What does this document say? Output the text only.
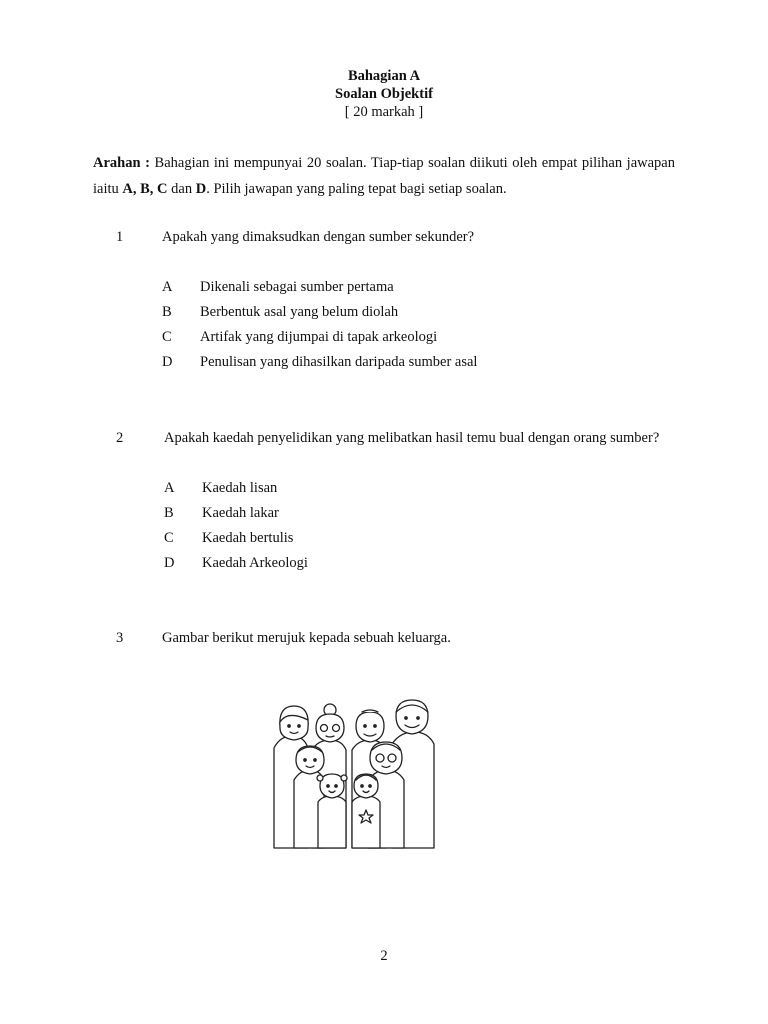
Bahagian A
Soalan Objektif
[ 20 markah ]
Arahan : Bahagian ini mempunyai 20 soalan. Tiap-tiap soalan diikuti oleh empat pilihan jawapan iaitu A, B, C dan D. Pilih jawapan yang paling tepat bagi setiap soalan.
1	Apakah yang dimaksudkan dengan sumber sekunder?
A Dikenali sebagai sumber pertama
B Berbentuk asal yang belum diolah
C Artifak yang dijumpai di tapak arkeologi
D Penulisan yang dihasilkan daripada sumber asal
2	Apakah kaedah penyelidikan yang melibatkan hasil temu bual dengan orang sumber?
A Kaedah lisan
B Kaedah lakar
C Kaedah bertulis
D Kaedah Arkeologi
3	Gambar berikut merujuk kepada sebuah keluarga.
2
